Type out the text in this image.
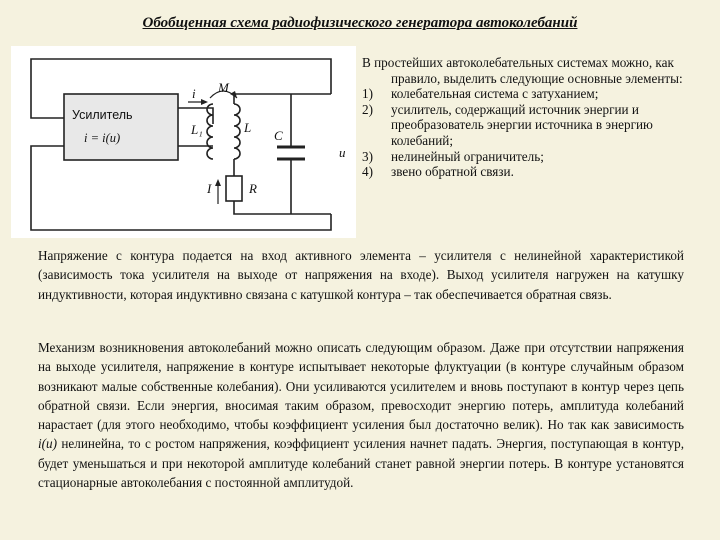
Обобщенная схема радиофизического генератора автоколебаний
M
i
L₁	L
C
u
I	R
Усилитель
i = i(u)

В простейших автоколебательных системах можно, как правило, выделить следующие основные элементы:

1) колебательная система с затуханием;
2) усилитель, содержащий источник энергии и преобразователь энергии источника в энергию колебаний;
3) нелинейный ограничитель;
4) звено обратной связи.

Напряжение с контура подается на вход активного элемента – усилителя с нелинейной характеристикой (зависимость тока усилителя на выходе от напряжения на входе). Выход усилителя нагружен на катушку индуктивности, которая индуктивно связана с катушкой контура – так обеспечивается обратная связь.

Механизм возникновения автоколебаний можно описать следующим образом. Даже при отсутствии напряжения на выходе усилителя, напряжение в контуре испытывает некоторые флуктуации (в контуре случайным образом возникают малые собственные колебания). Они усиливаются усилителем и вновь поступают в контур через цепь обратной связи. Если энергия, вносимая таким образом, превосходит энергию потерь, амплитуда колебаний нарастает (для этого необходимо, чтобы коэффициент усиления был достаточно велик). Но так как зависимость i(u) нелинейна, то с ростом напряжения, коэффициент усиления начнет падать. Энергия, поступающая в контур, будет уменьшаться и при некоторой амплитуде колебаний станет равной энергии потерь. В контуре установятся стационарные автоколебания с постоянной амплитудой.
